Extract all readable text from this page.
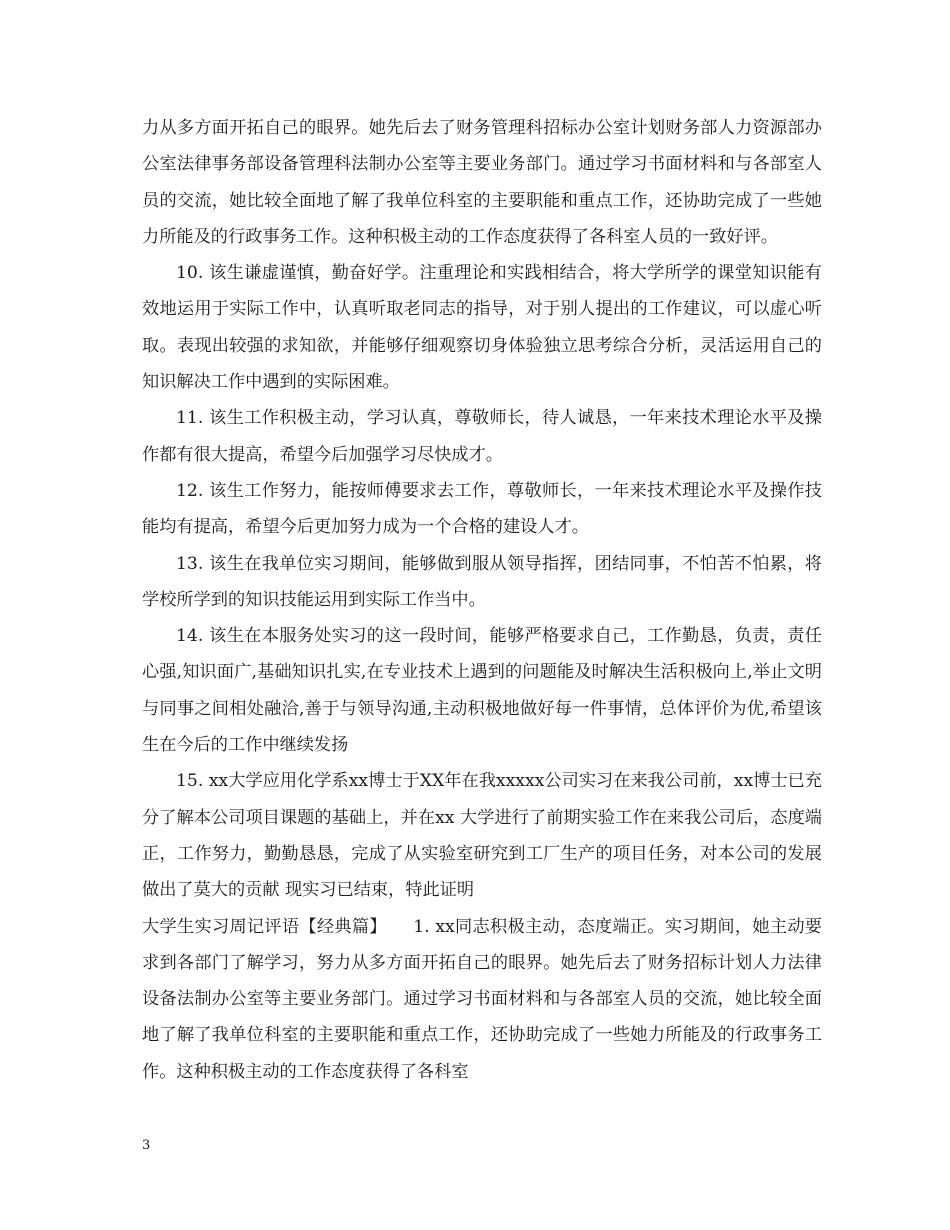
力从多方面开拓自己的眼界。她先后去了财务管理科招标办公室计划财务部人力资源部办公室法律事务部设备管理科法制办公室等主要业务部门。通过学习书面材料和与各部室人员的交流，她比较全面地了解了我单位科室的主要职能和重点工作，还协助完成了一些她力所能及的行政事务工作。这种积极主动的工作态度获得了各科室人员的一致好评。

10. 该生谦虚谨慎，勤奋好学。注重理论和实践相结合，将大学所学的课堂知识能有效地运用于实际工作中，认真听取老同志的指导，对于别人提出的工作建议，可以虚心听取。表现出较强的求知欲，并能够仔细观察切身体验独立思考综合分析，灵活运用自己的知识解决工作中遇到的实际困难。

11. 该生工作积极主动，学习认真，尊敬师长，待人诚恳，一年来技术理论水平及操作都有很大提高，希望今后加强学习尽快成才。

12. 该生工作努力，能按师傅要求去工作，尊敬师长，一年来技术理论水平及操作技能均有提高，希望今后更加努力成为一个合格的建设人才。

13. 该生在我单位实习期间，能够做到服从领导指挥，团结同事，不怕苦不怕累，将学校所学到的知识技能运用到实际工作当中。

14. 该生在本服务处实习的这一段时间，能够严格要求自己，工作勤恳，负责，责任心强,知识面广,基础知识扎实,在专业技术上遇到的问题能及时解决生活积极向上,举止文明与同事之间相处融洽,善于与领导沟通,主动积极地做好每一件事情，总体评价为优,希望该生在今后的工作中继续发扬

15. xx大学应用化学系xx博士于XX年在我xxxxx公司实习在来我公司前，xx博士已充分了解本公司项目课题的基础上，并在xx 大学进行了前期实验工作在来我公司后，态度端正，工作努力，勤勤恳恳，完成了从实验室研究到工厂生产的项目任务，对本公司的发展做出了莫大的贡献 现实习已结束，特此证明

大学生实习周记评语【经典篇】　　1. xx同志积极主动，态度端正。实习期间，她主动要求到各部门了解学习，努力从多方面开拓自己的眼界。她先后去了财务招标计划人力法律设备法制办公室等主要业务部门。通过学习书面材料和与各部室人员的交流，她比较全面地了解了我单位科室的主要职能和重点工作，还协助完成了一些她力所能及的行政事务工作。这种积极主动的工作态度获得了各科室

3
